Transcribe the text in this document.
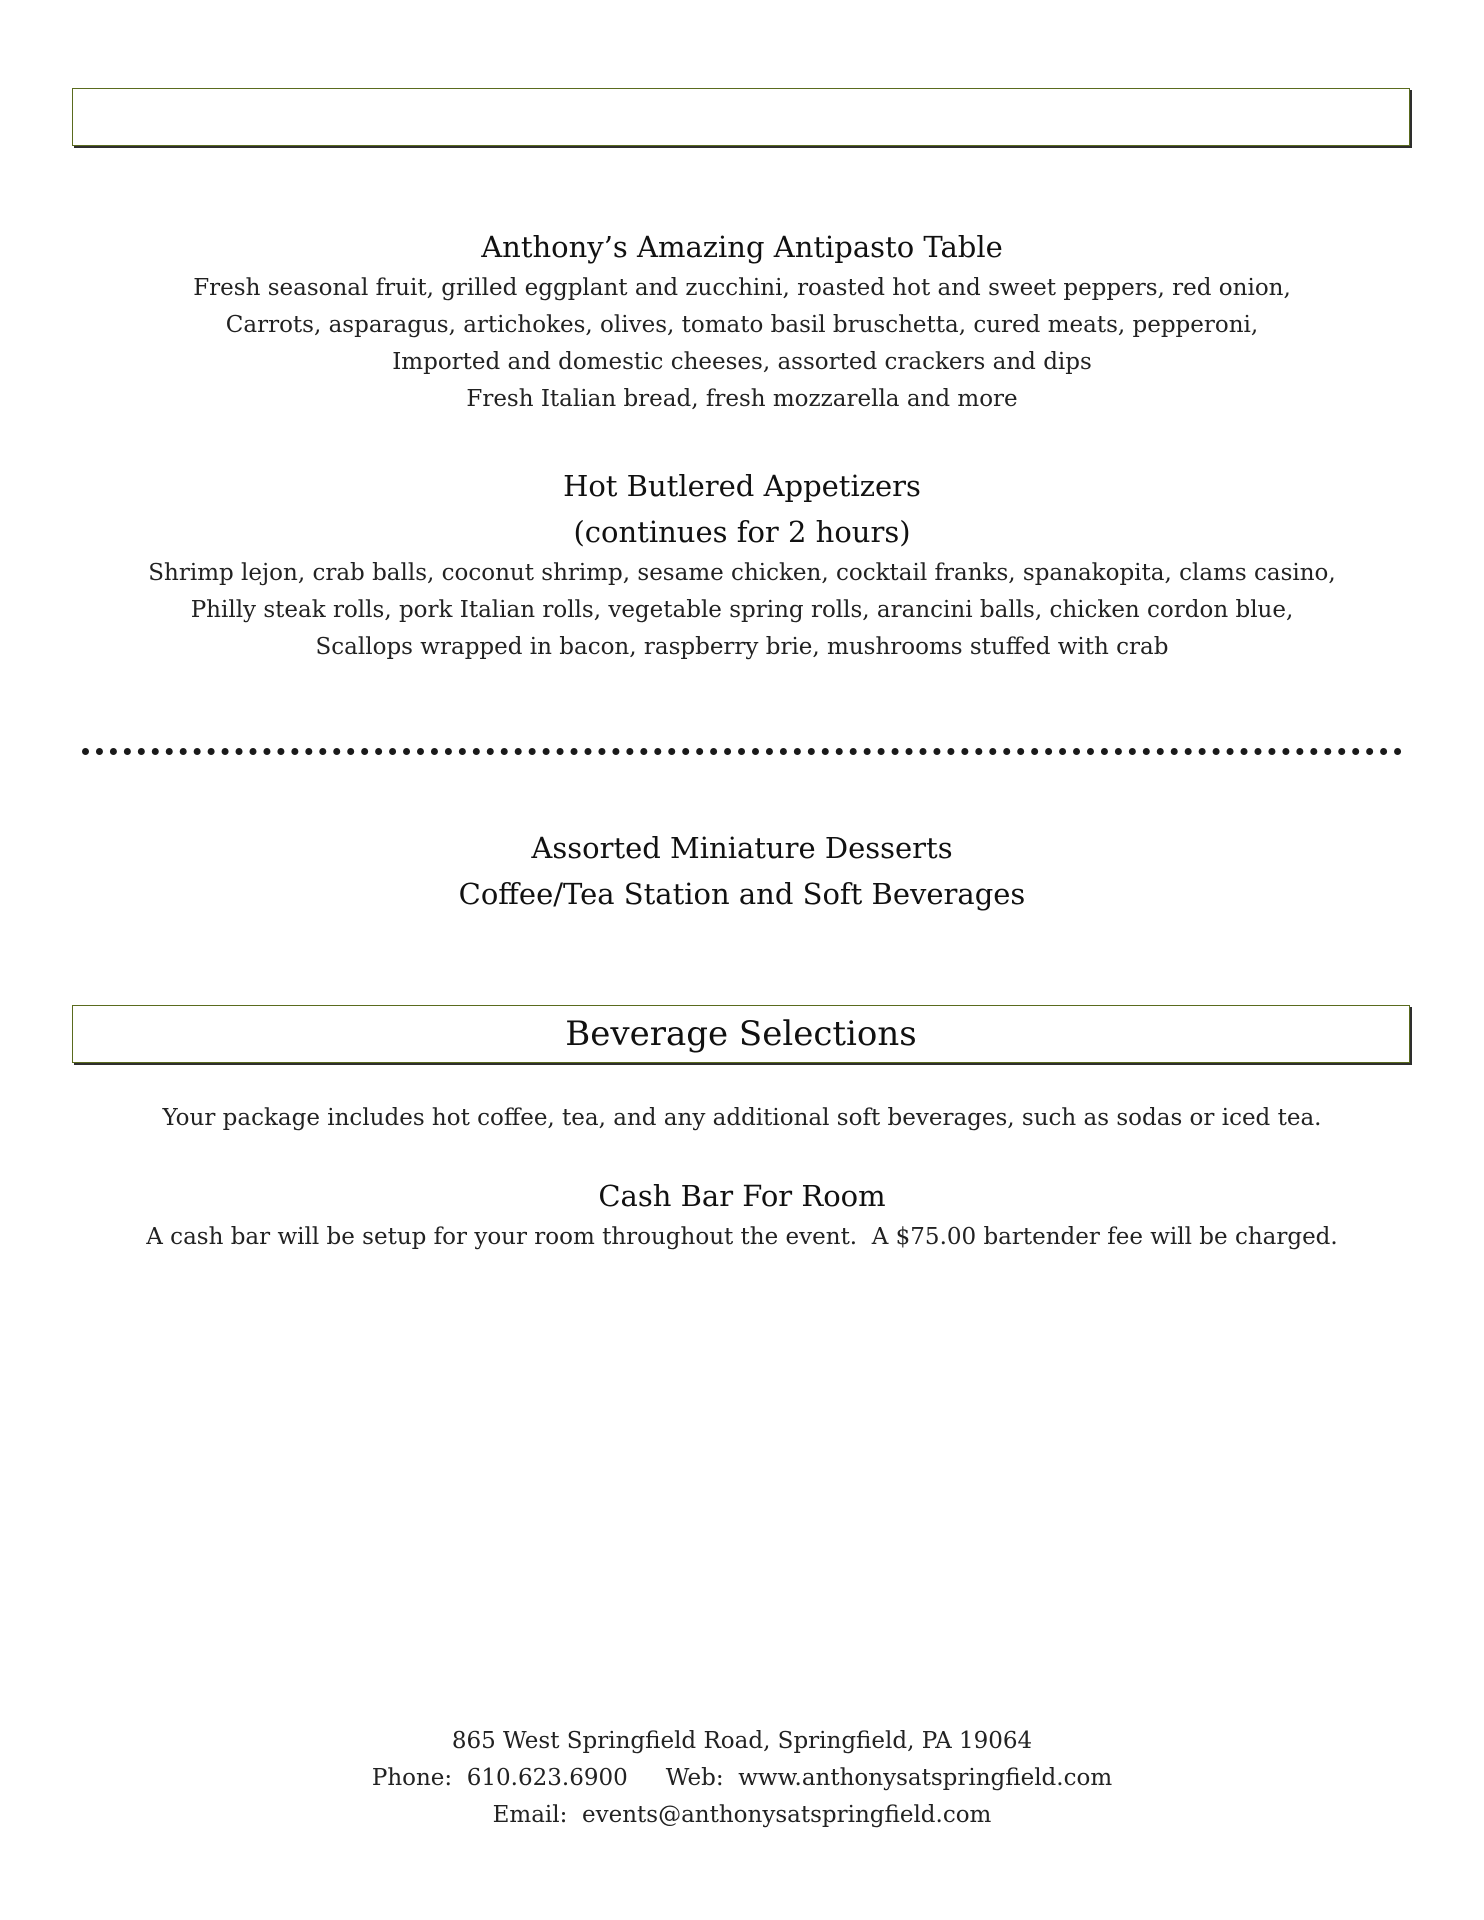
Anthony’s Amazing Antipasto Table
Fresh seasonal fruit, grilled eggplant and zucchini, roasted hot and sweet peppers, red onion,
Carrots, asparagus, artichokes, olives, tomato basil bruschetta, cured meats, pepperoni,
Imported and domestic cheeses, assorted crackers and dips
Fresh Italian bread, fresh mozzarella and more
Hot Butlered Appetizers
(continues for 2 hours)
Shrimp lejon, crab balls, coconut shrimp, sesame chicken, cocktail franks, spanakopita, clams casino,
Philly steak rolls, pork Italian rolls, vegetable spring rolls, arancini balls, chicken cordon blue,
Scallops wrapped in bacon, raspberry brie, mushrooms stuffed with crab
Assorted Miniature Desserts
Coffee/Tea Station and Soft Beverages
Beverage Selections
Your package includes hot coffee, tea, and any additional soft beverages, such as sodas or iced tea.
Cash Bar For Room
A cash bar will be setup for your room throughout the event.  A $75.00 bartender fee will be charged.
865 West Springfield Road, Springfield, PA 19064
Phone:  610.623.6900 Web:  www.anthonysatspringfield.com
Email:  events@anthonysatspringfield.com
